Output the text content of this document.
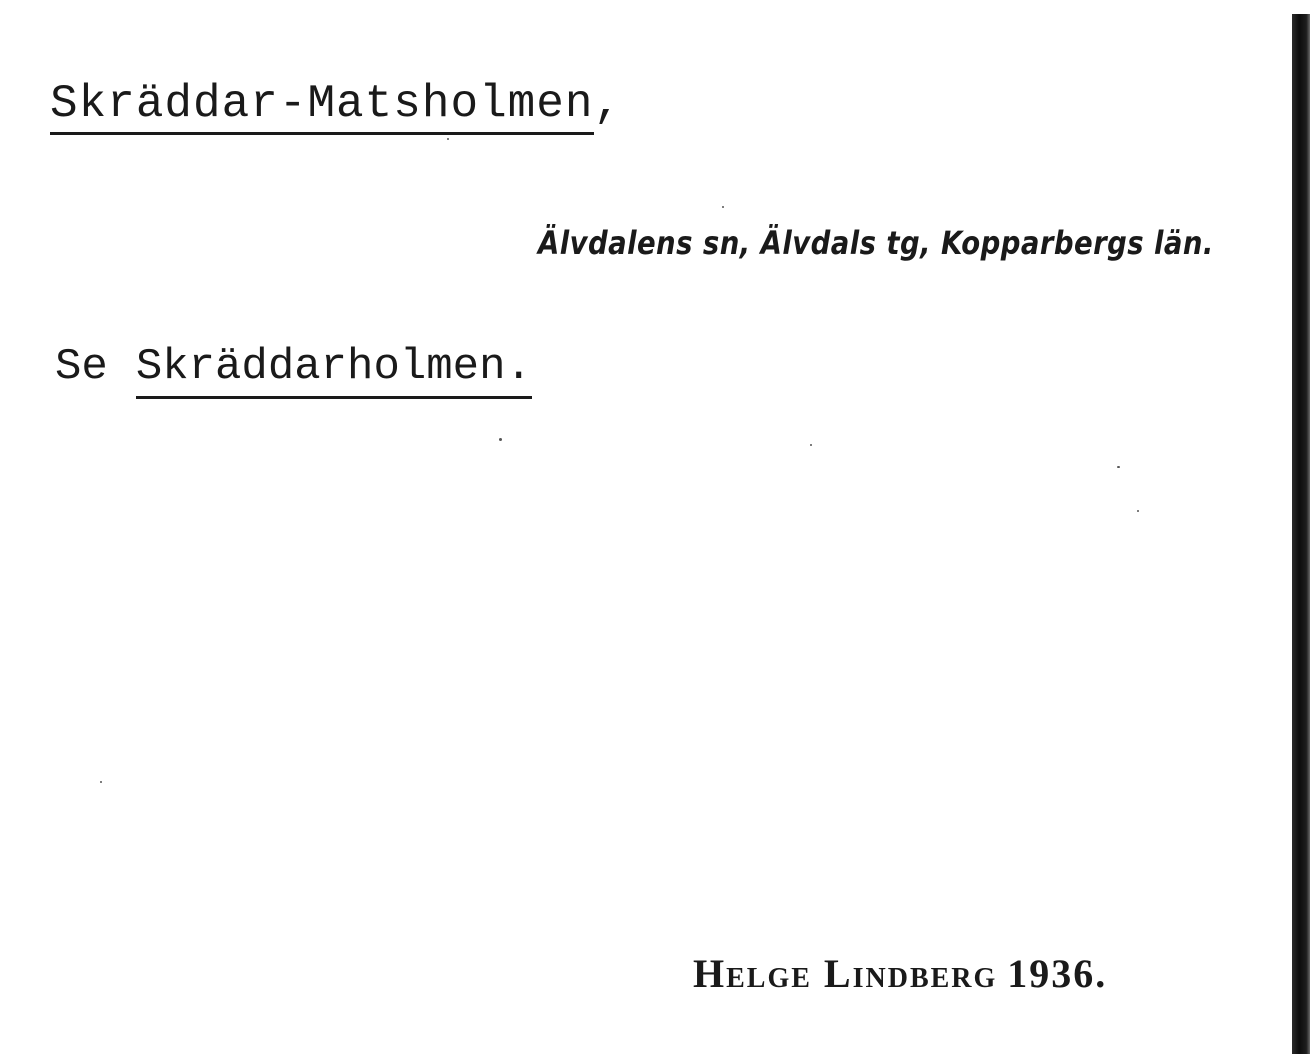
Skräddar-Matsholmen,
Älvdalens sn, Älvdals tg, Kopparbergs län.
Se Skräddarholmen.
Helge Lindberg 1936.
